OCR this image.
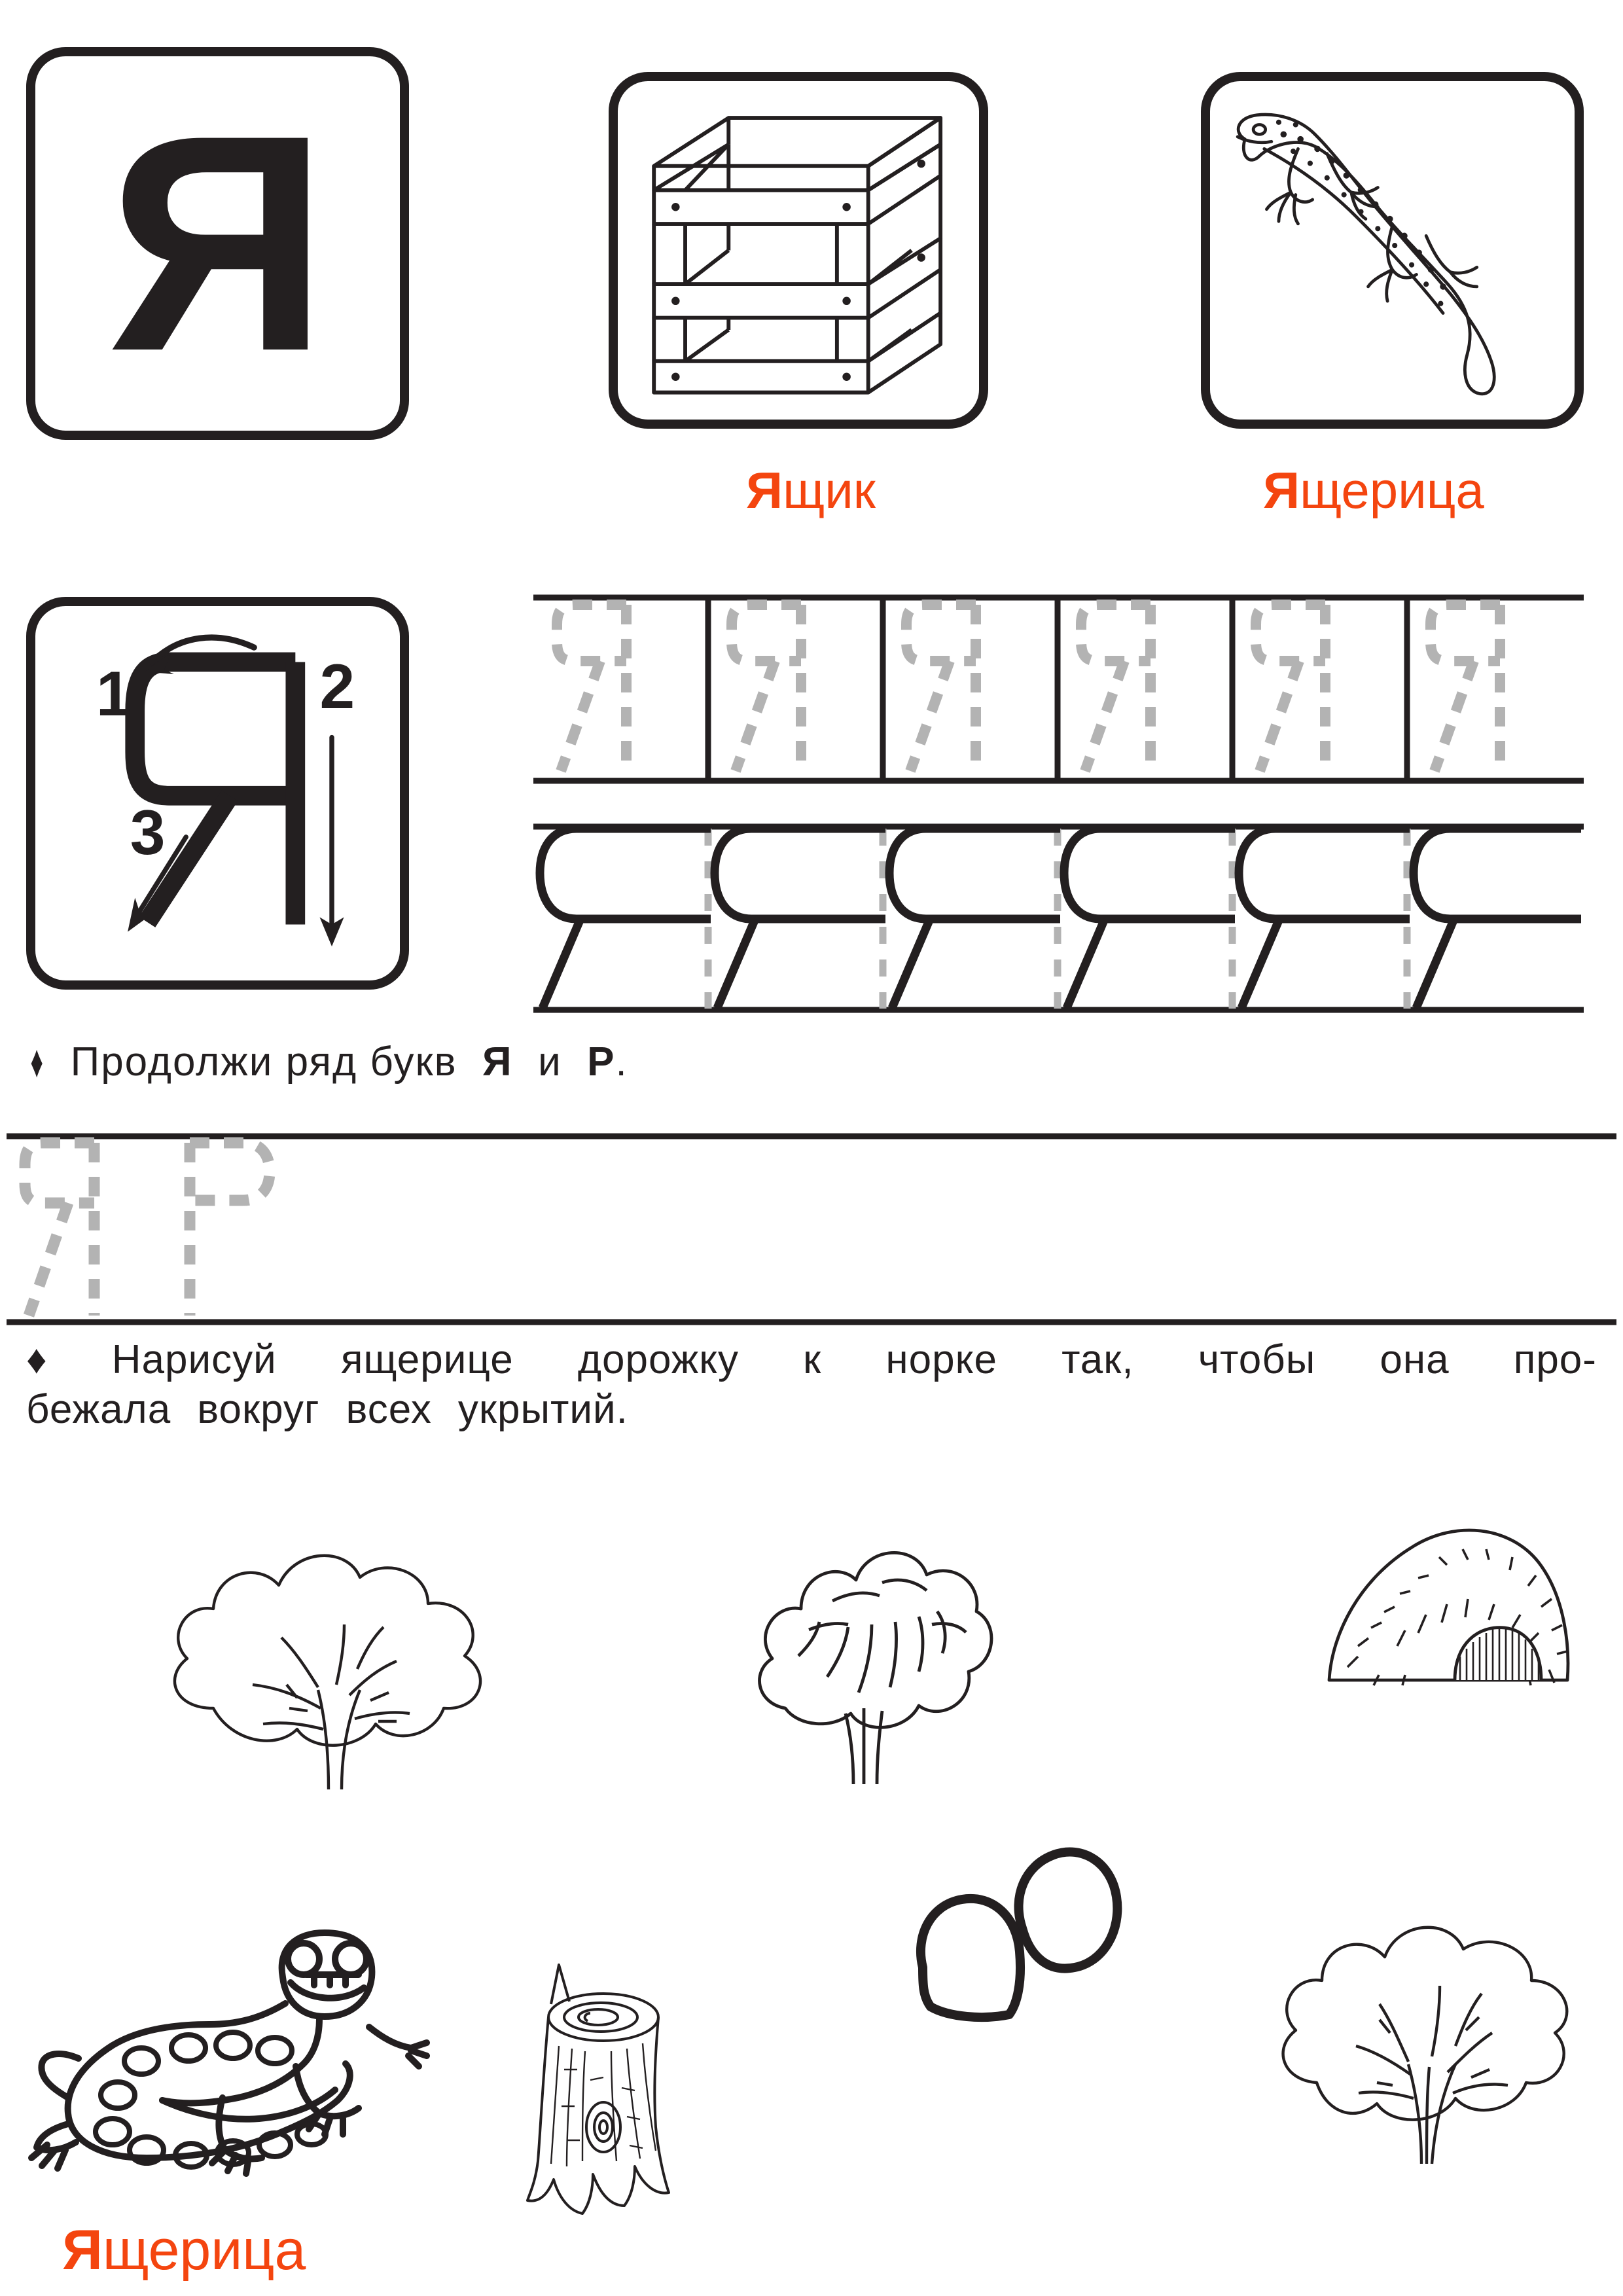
Я
Ящик	Ящерица
1	2
3
♦ Продолжи ряд букв Я и Р.
♦ Нарисуй ящерице дорожку к норке так, чтобы она про-
бежала вокруг всех укрытий.
Ящерица
